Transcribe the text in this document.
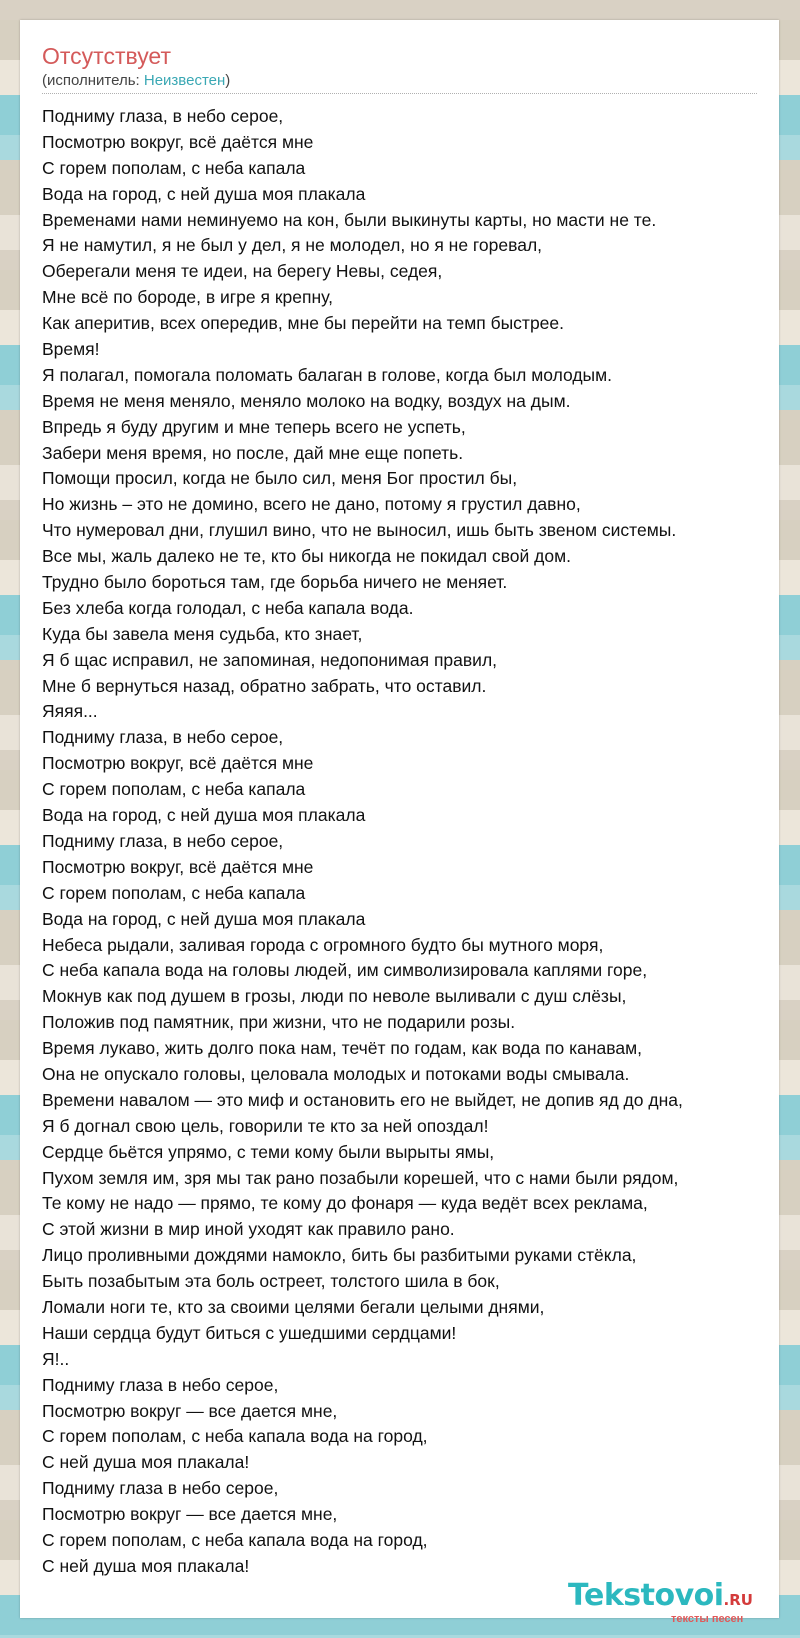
Отсутствует
(исполнитель: Неизвестен)
Подниму глаза, в небо серое,
Посмотрю вокруг, всё даётся мне
С горем пополам, с неба капала
Вода на город, с ней душа моя плакала
Временами нами неминуемо на кон, были выкинуты карты, но масти не те.
Я не намутил, я не был у дел, я не молодел, но я не горевал,
Оберегали меня те идеи, на берегу Невы, седея,
Мне всё по бороде, в игре я крепну,
Как аперитив, всех опередив, мне бы перейти на темп быстрее.
Время!
Я полагал, помогала поломать балаган в голове, когда был молодым.
Время не меня меняло, меняло молоко на водку, воздух на дым.
Впредь я буду другим и мне теперь всего не успеть,
Забери меня время, но после, дай мне еще попеть.
Помощи просил, когда не было сил, меня Бог простил бы,
Но жизнь – это не домино, всего не дано, потому я грустил давно,
Что нумеровал дни, глушил вино, что не выносил, ишь быть звеном системы.
Все мы, жаль далеко не те, кто бы никогда не покидал свой дом.
Трудно было бороться там, где борьба ничего не меняет.
Без хлеба когда голодал, с неба капала вода.
Куда бы завела меня судьба, кто знает,
Я б щас исправил, не запоминая, недопонимая правил,
Мне б вернуться назад, обратно забрать, что оставил.
Яяяя...
Подниму глаза, в небо серое,
Посмотрю вокруг, всё даётся мне
С горем пополам, с неба капала
Вода на город, с ней душа моя плакала
Подниму глаза, в небо серое,
Посмотрю вокруг, всё даётся мне
С горем пополам, с неба капала
Вода на город, с ней душа моя плакала
Небеса рыдали, заливая города с огромного будто бы мутного моря,
С неба капала вода на головы людей, им символизировала каплями горе,
Мокнув как под душем в грозы, люди по неволе выливали с душ слёзы,
Положив под памятник, при жизни, что не подарили розы.
Время лукаво, жить долго пока нам, течёт по годам, как вода по канавам,
Она не опускало головы, целовала молодых и потоками воды смывала.
Времени навалом — это миф и остановить его не выйдет, не допив яд до дна,
Я б догнал свою цель, говорили те кто за ней опоздал!
Сердце бьётся упрямо, с теми кому были вырыты ямы,
Пухом земля им, зря мы так рано позабыли корешей, что с нами были рядом,
Те кому не надо — прямо, те кому до фонаря — куда ведёт всех реклама,
С этой жизни в мир иной уходят как правило рано.
Лицо проливными дождями намокло, бить бы разбитыми руками стёкла,
Быть позабытым эта боль остреет, толстого шила в бок,
Ломали ноги те, кто за своими целями бегали целыми днями,
Наши сердца будут биться с ушедшими сердцами!
Я!..
Подниму глаза в небо серое,
Посмотрю вокруг — все дается мне,
С горем пополам, с неба капала вода на город,
С ней душа моя плакала!
Подниму глаза в небо серое,
Посмотрю вокруг — все дается мне,
С горем пополам, с неба капала вода на город,
С ней душа моя плакала!
Tekstovoi.RU
тексты песен
